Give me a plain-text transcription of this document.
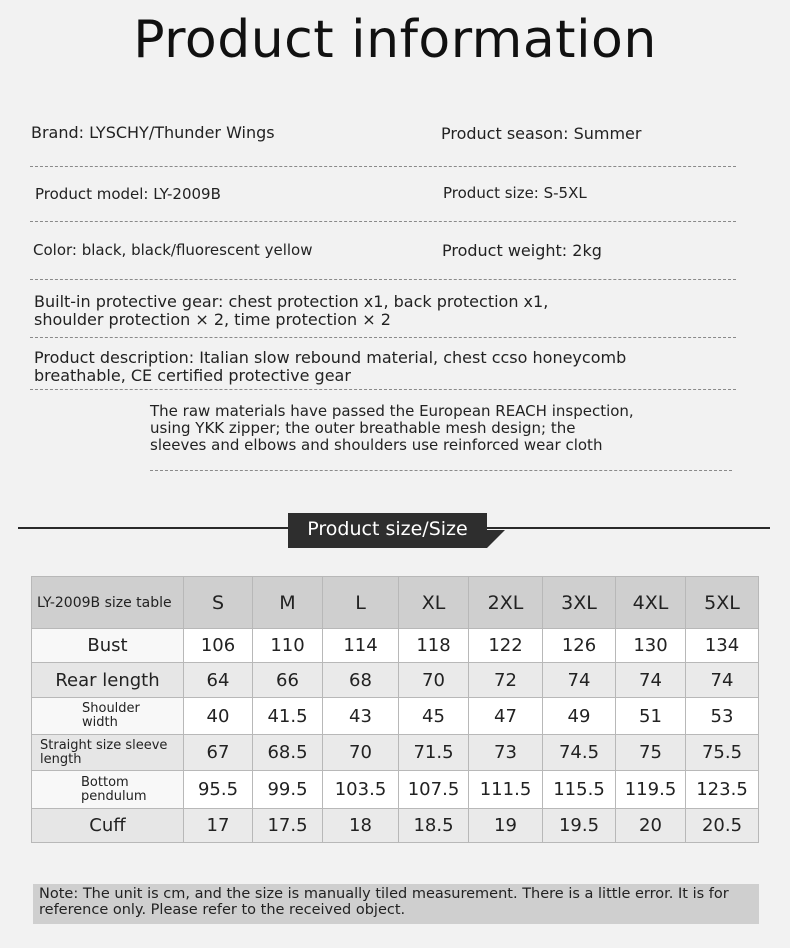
Product information
Brand: LYSCHY/Thunder Wings	Product season: Summer
Product model: LY-2009B	Product size: S-5XL
Color: black, black/fluorescent yellow	Product weight: 2kg
Built-in protective gear: chest protection x1, back protection x1,
shoulder protection × 2, time protection × 2
Product description: Italian slow rebound material, chest ccso honeycomb
breathable, CE certified protective gear
The raw materials have passed the European REACH inspection,
using YKK zipper; the outer breathable mesh design; the
sleeves and elbows and shoulders use reinforced wear cloth
Product size/Size
LY-2009B size table	S	M	L	XL	2XL	3XL	4XL	5XL
Bust	106	110	114	118	122	126	130	134
Rear length	64	66	68	70	72	74	74	74

Shoulder
width	40	41.5	43	45	47	49	51	53

Straight size sleeve
length	67	68.5	70	71.5	73	74.5	75	75.5

Bottom
pendulum	95.5	99.5	103.5	107.5	111.5	115.5	119.5	123.5
Cuff	17	17.5	18	18.5	19	19.5	20	20.5
Note: The unit is cm, and the size is manually tiled measurement. There is a little error. It is for reference only. Please refer to the received object.
